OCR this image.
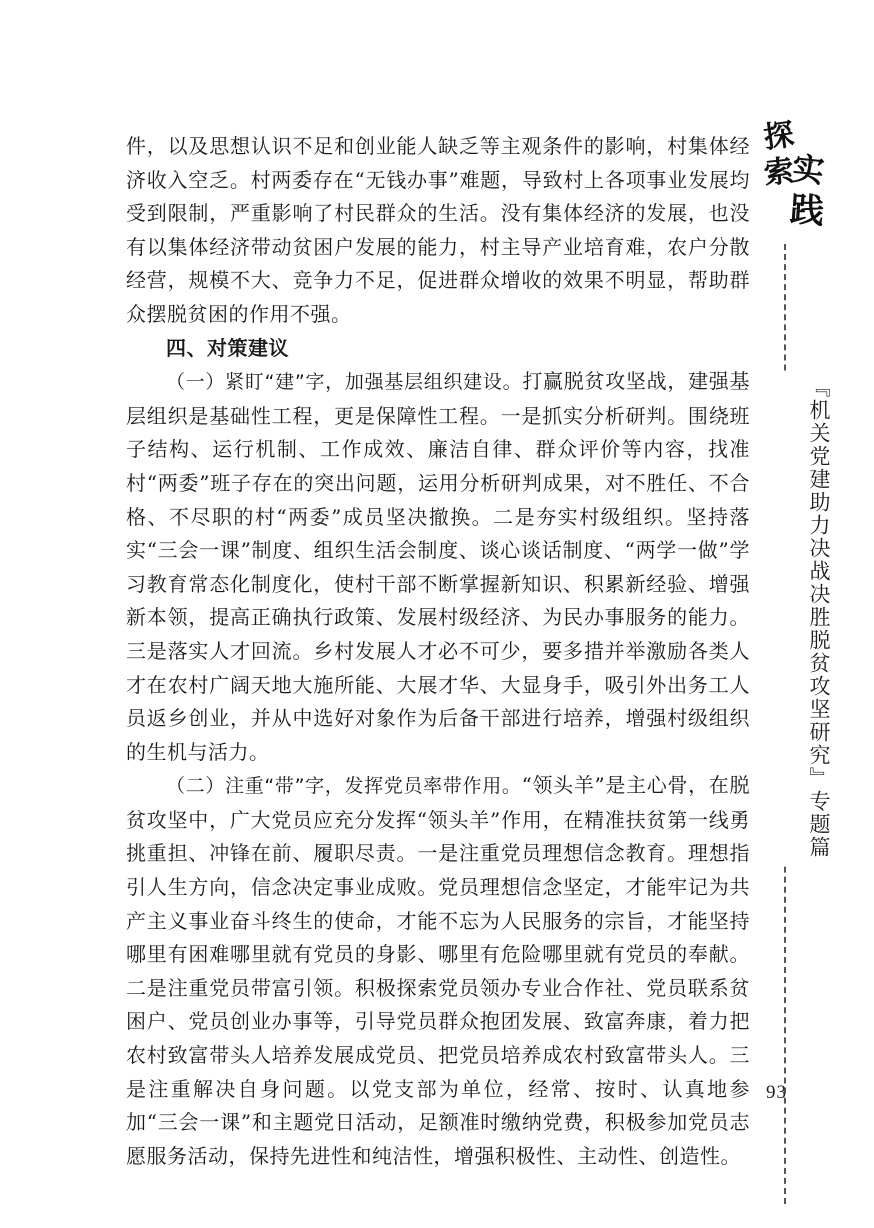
件，以及思想认识不足和创业能人缺乏等主观条件的影响，村集体经济收入空乏。村两委存在“无钱办事”难题，导致村上各项事业发展均受到限制，严重影响了村民群众的生活。没有集体经济的发展，也没有以集体经济带动贫困户发展的能力，村主导产业培育难，农户分散经营，规模不大、竞争力不足，促进群众增收的效果不明显，帮助群众摆脱贫困的作用不强。

四、对策建议

（一）紧盯“建”字，加强基层组织建设。打赢脱贫攻坚战，建强基层组织是基础性工程，更是保障性工程。一是抓实分析研判。围绕班子结构、运行机制、工作成效、廉洁自律、群众评价等内容，找准村“两委”班子存在的突出问题，运用分析研判成果，对不胜任、不合格、不尽职的村“两委”成员坚决撤换。二是夯实村级组织。坚持落实“三会一课”制度、组织生活会制度、谈心谈话制度、“两学一做”学习教育常态化制度化，使村干部不断掌握新知识、积累新经验、增强新本领，提高正确执行政策、发展村级经济、为民办事服务的能力。三是落实人才回流。乡村发展人才必不可少，要多措并举激励各类人才在农村广阔天地大施所能、大展才华、大显身手，吸引外出务工人员返乡创业，并从中选好对象作为后备干部进行培养，增强村级组织的生机与活力。

（二）注重“带”字，发挥党员率带作用。“领头羊”是主心骨，在脱贫攻坚中，广大党员应充分发挥“领头羊”作用，在精准扶贫第一线勇挑重担、冲锋在前、履职尽责。一是注重党员理想信念教育。理想指引人生方向，信念决定事业成败。党员理想信念坚定，才能牢记为共产主义事业奋斗终生的使命，才能不忘为人民服务的宗旨，才能坚持哪里有困难哪里就有党员的身影、哪里有危险哪里就有党员的奉献。二是注重党员带富引领。积极探索党员领办专业合作社、党员联系贫困户、党员创业办事等，引导党员群众抱团发展、致富奔康，着力把农村致富带头人培养发展成党员、把党员培养成农村致富带头人。三是注重解决自身问题。以党支部为单位，经常、按时、认真地参加“三会一课”和主题党日活动，足额准时缴纳党费，积极参加党员志愿服务活动，保持先进性和纯洁性，增强积极性、主动性、创造性。

探
索
实
践
『机关党建助力决战决胜脱贫攻坚研究』专题篇
93
